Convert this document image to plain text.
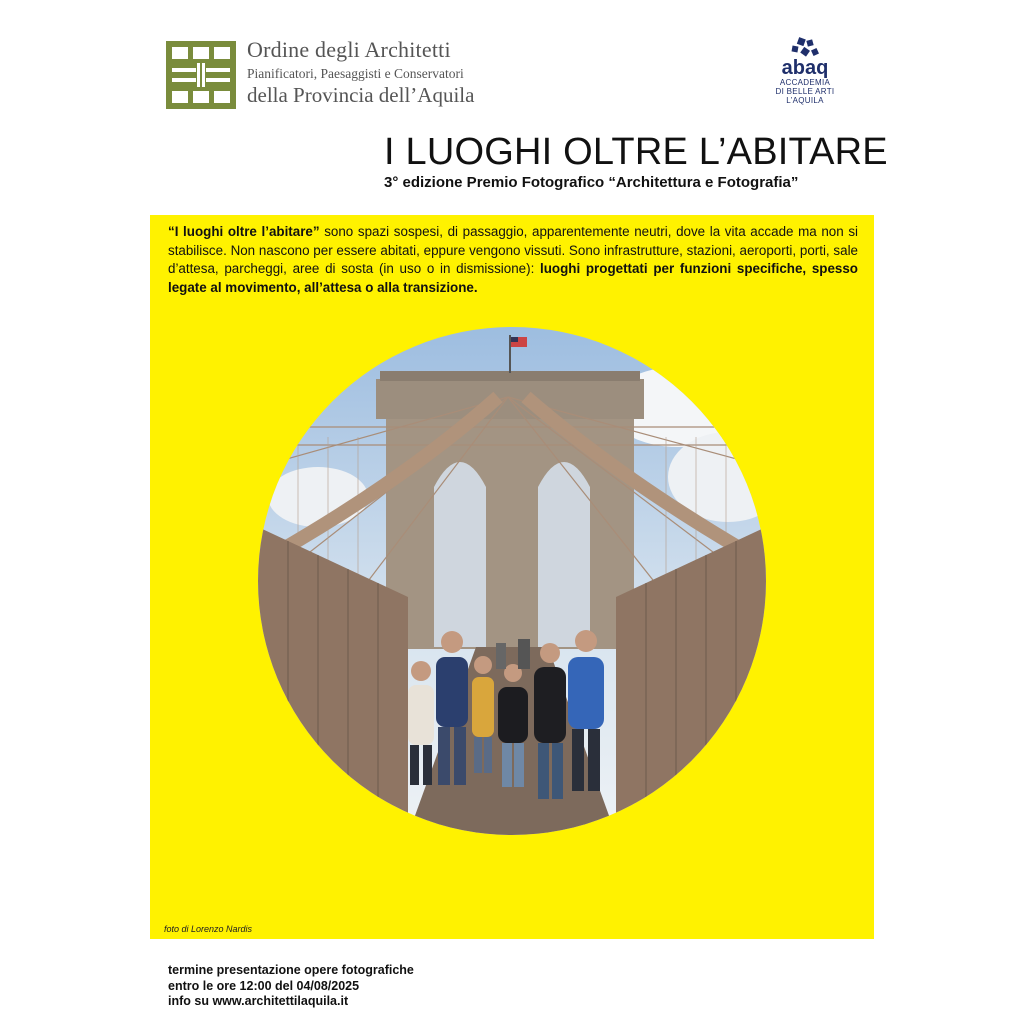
Ordine degli Architetti
Pianificatori, Paesaggisti e Conservatori
della Provincia dell’Aquila
abaq
ACCADEMIA
DI BELLE ARTI
L’AQUILA
I LUOGHI OLTRE L’ABITARE
3° edizione Premio Fotografico “Architettura e Fotografia”
“I luoghi oltre l’abitare” sono spazi sospesi, di passaggio, apparentemente neutri, dove la vita accade ma non si stabilisce. Non nascono per essere abitati, eppure vengono vissuti. Sono infrastrutture, stazioni, aeroporti, porti, sale d’attesa, parcheggi, aree di sosta (in uso o in dismissione): luoghi progettati per funzioni specifiche, spesso legate al movimento, all’attesa o alla transizione.
foto di Lorenzo Nardis
termine presentazione opere fotografiche
entro le ore 12:00 del 04/08/2025
info su www.architettilaquila.it
